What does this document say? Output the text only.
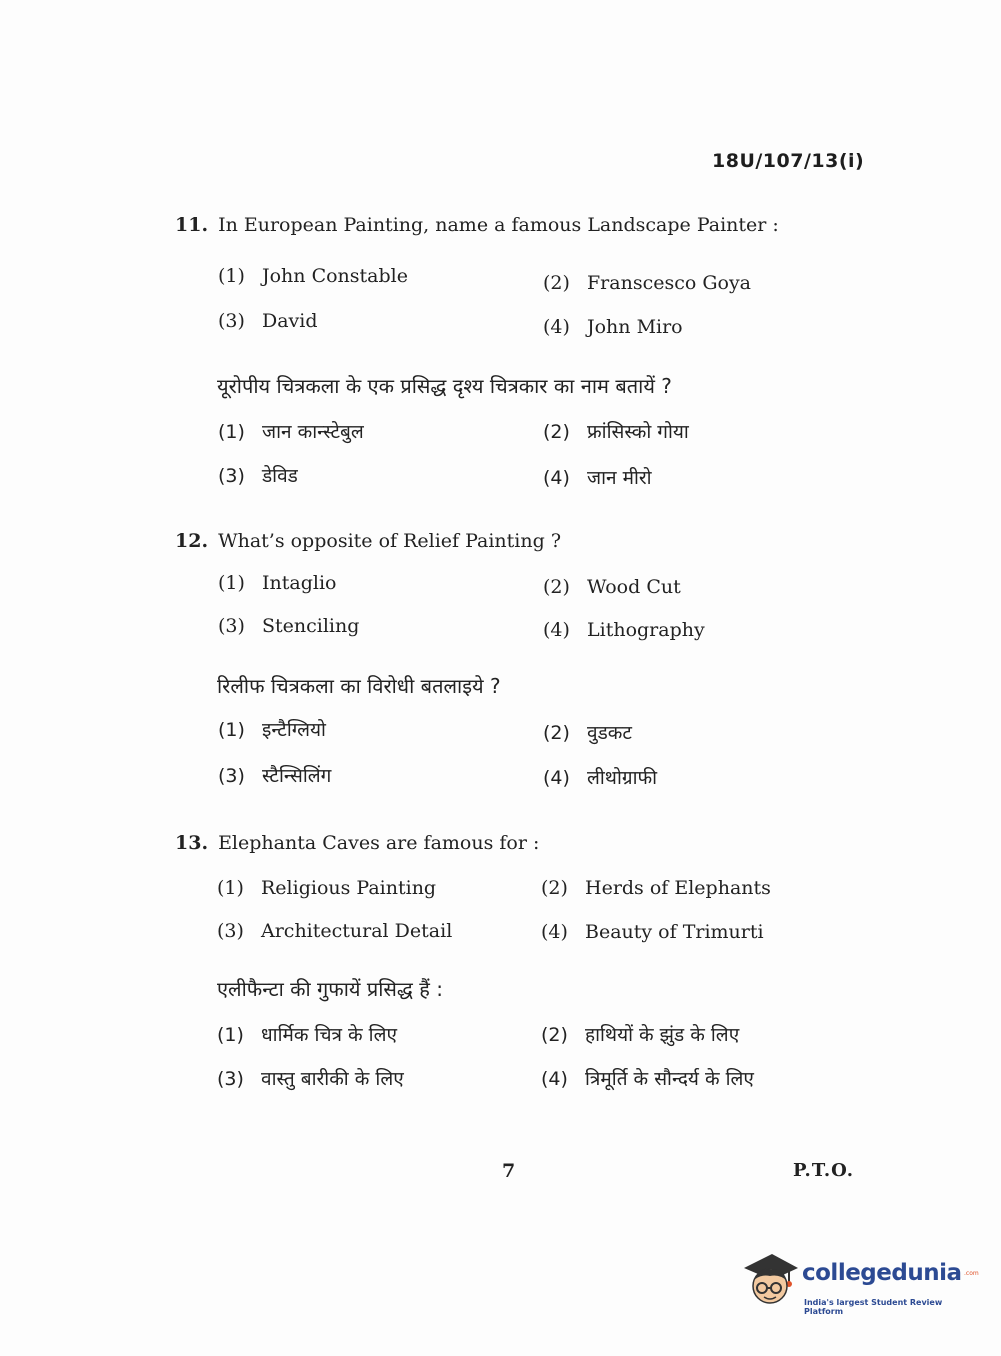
18U/107/13(i)
11. In European Painting, name a famous Landscape Painter :
(1) John Constable	(2) Franscesco Goya
(3) David	(4) John Miro
यूरोपीय चित्रकला के एक प्रसिद्ध दृश्य चित्रकार का नाम बतायें ?
(1) जान कान्स्टेबुल	(2) फ्रांसिस्को गोया
(3) डेविड	(4) जान मीरो
12. What’s opposite of Relief Painting ?
(1) Intaglio	(2) Wood Cut
(3) Stenciling	(4) Lithography
रिलीफ चित्रकला का विरोधी बतलाइये ?
(1) इन्टैग्लियो	(2) वुडकट
(3) स्टैन्सिलिंग	(4) लीथोग्राफी
13. Elephanta Caves are famous for :
(1) Religious Painting	(2) Herds of Elephants
(3) Architectural Detail	(4) Beauty of Trimurti
एलीफैन्टा की गुफायें प्रसिद्ध हैं :
(1) धार्मिक चित्र के लिए	(2) हाथियों के झुंड के लिए
(3) वास्तु बारीकी के लिए	(4) त्रिमूर्ति के सौन्दर्य के लिए
7	P.T.O.
collegedunia .com
India's largest Student Review Platform
